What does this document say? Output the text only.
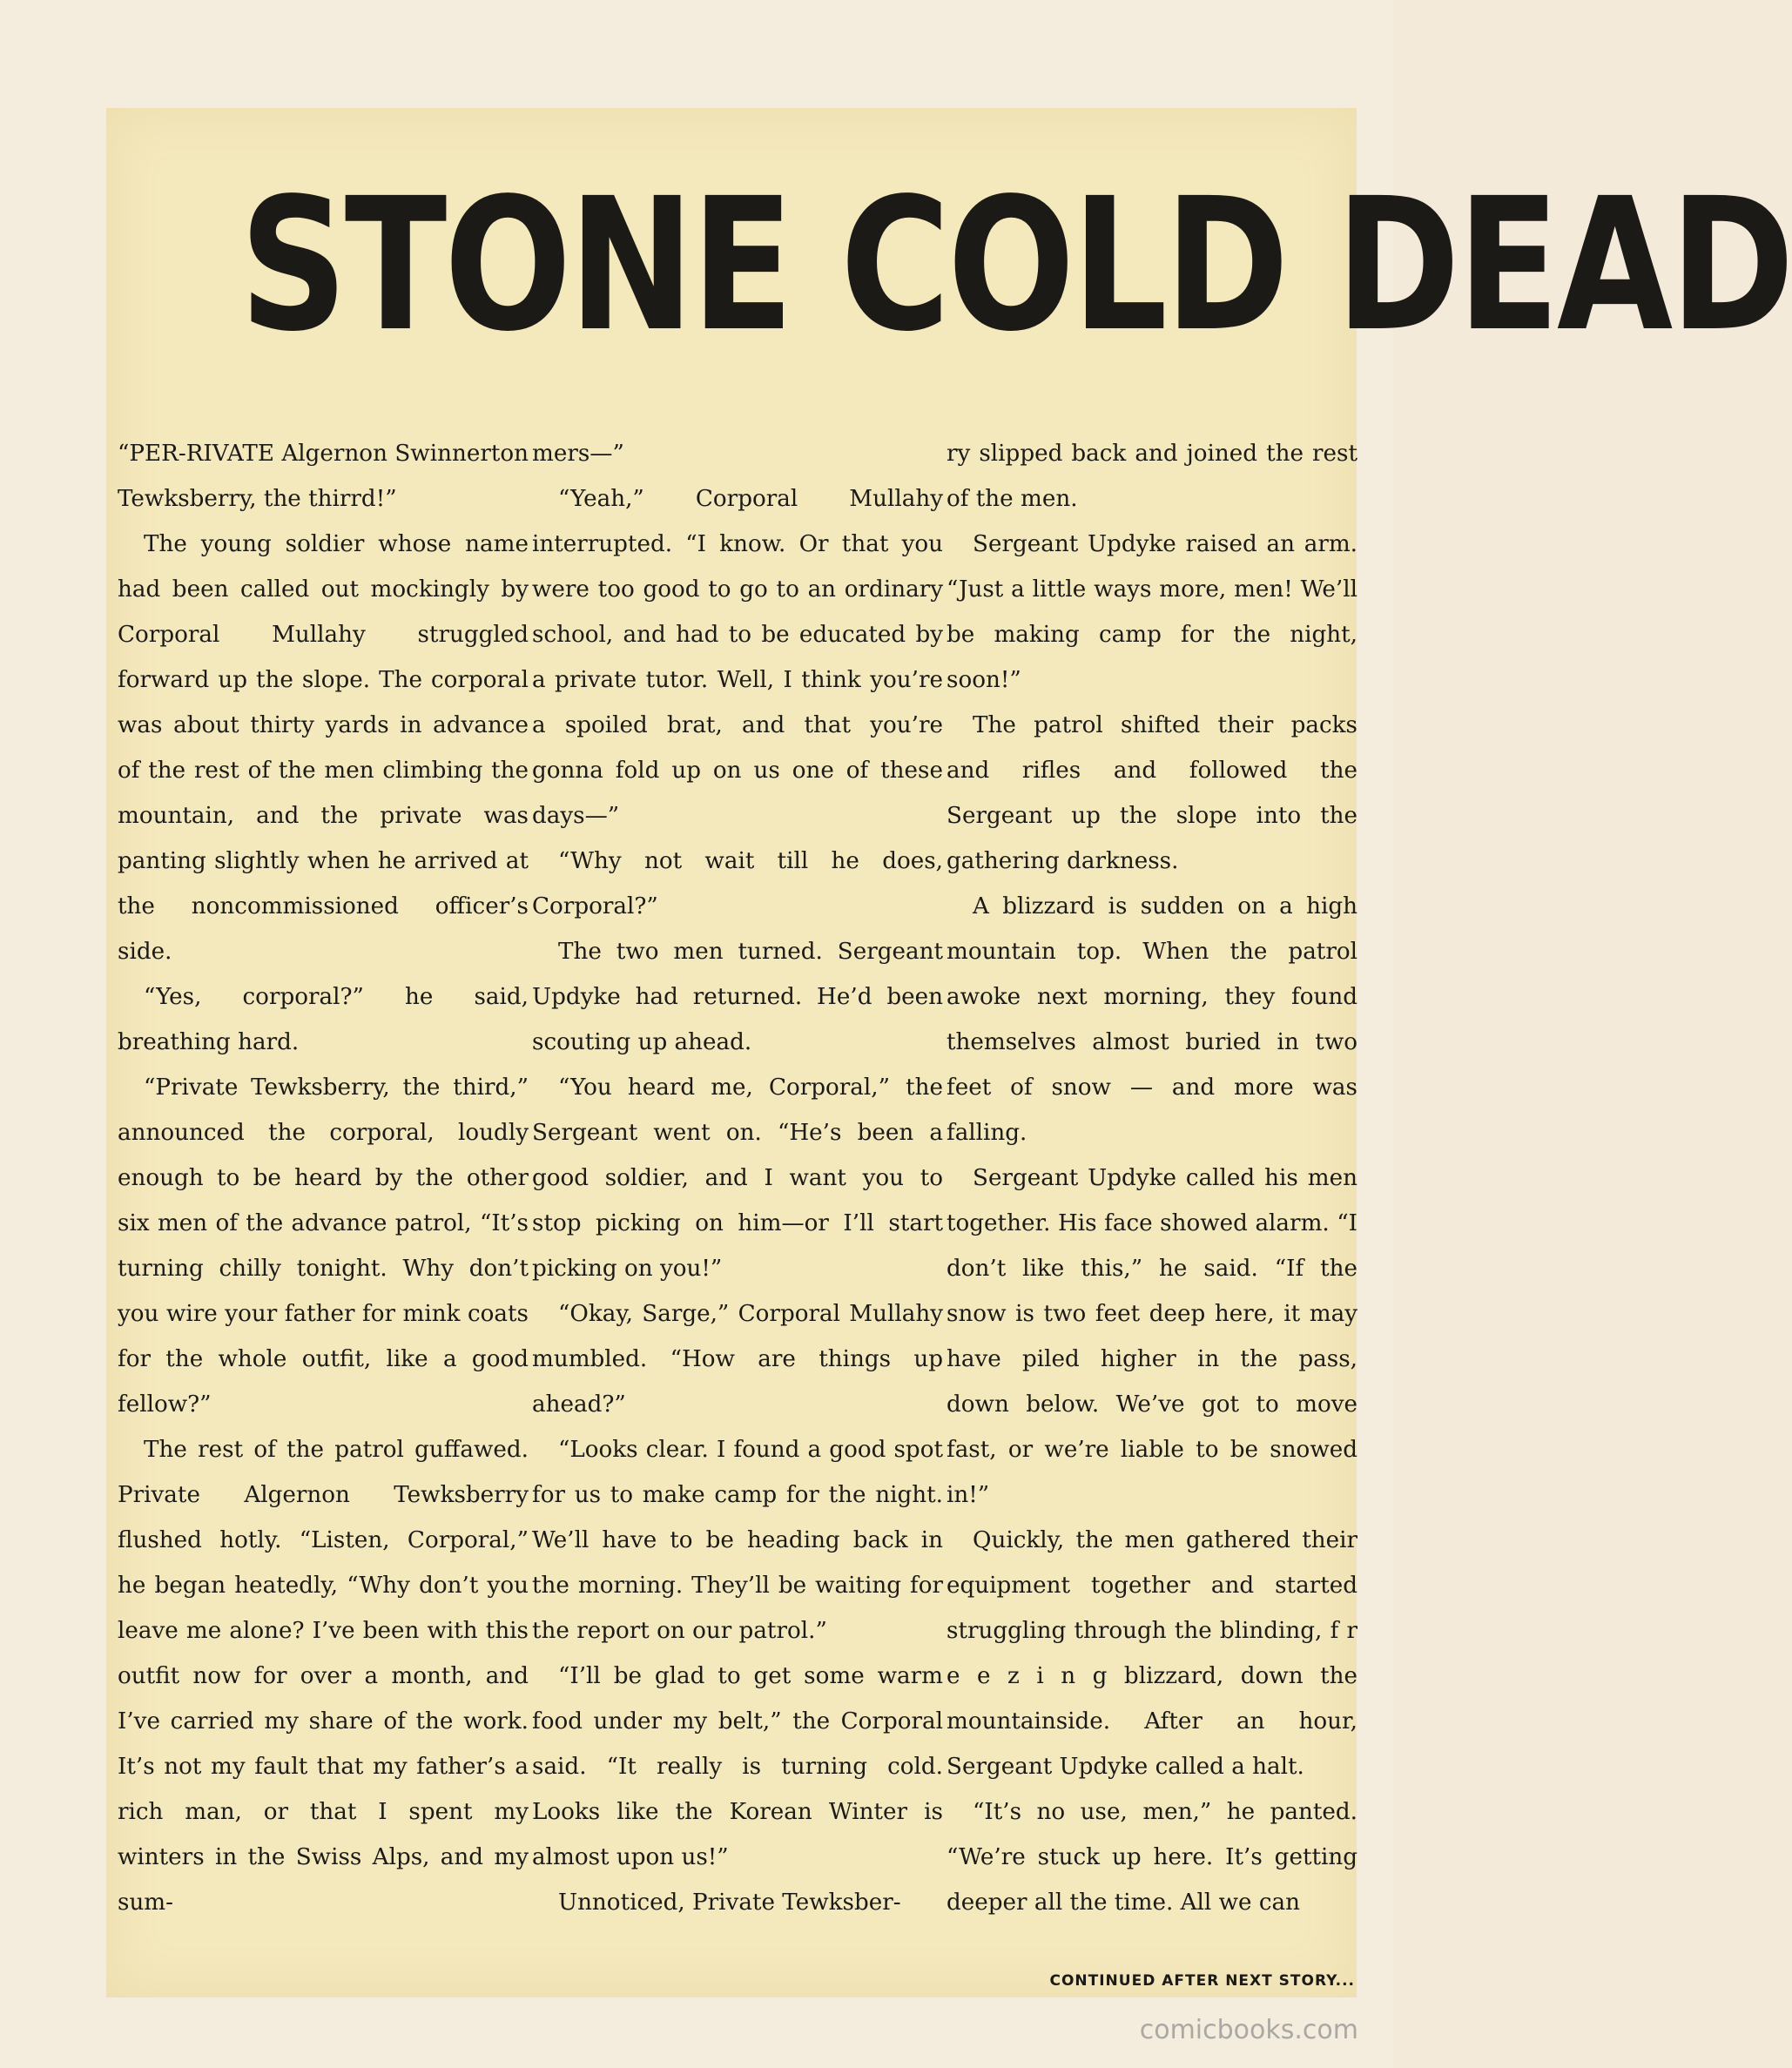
STONE COLD DEAD

“PER-RIVATE Algernon Swinnerton Tewksberry, the thirrd!”

The young soldier whose name had been called out mockingly by Corporal Mullahy struggled forward up the slope. The corporal was about thirty yards in advance of the rest of the men climbing the mountain, and the private was panting slightly when he arrived at the noncommissioned officer’s side.

“Yes, corporal?” he said, breathing hard.

“Private Tewksberry, the third,” announced the corporal, loudly enough to be heard by the other six men of the advance patrol, “It’s turning chilly tonight. Why don’t you wire your father for mink coats for the whole outfit, like a good fellow?”

The rest of the patrol guffawed. Private Algernon Tewksberry flushed hotly. “Listen, Corporal,” he began heatedly, “Why don’t you leave me alone? I’ve been with this outfit now for over a month, and I’ve carried my share of the work. It’s not my fault that my father’s a rich man, or that I spent my winters in the Swiss Alps, and my sum-

mers—”

“Yeah,” Corporal Mullahy interrupted. “I know. Or that you were too good to go to an ordinary school, and had to be educated by a private tutor. Well, I think you’re a spoiled brat, and that you’re gonna fold up on us one of these days—”

“Why not wait till he does, Corporal?”

The two men turned. Sergeant Updyke had returned. He’d been scouting up ahead.

“You heard me, Corporal,” the Sergeant went on. “He’s been a good soldier, and I want you to stop picking on him—or I’ll start picking on you!”

“Okay, Sarge,” Corporal Mullahy mumbled. “How are things up ahead?”

“Looks clear. I found a good spot for us to make camp for the night. We’ll have to be heading back in the morning. They’ll be waiting for the report on our patrol.”

“I’ll be glad to get some warm food under my belt,” the Corporal said. “It really is turning cold. Looks like the Korean Winter is almost upon us!”

Unnoticed, Private Tewksber-

ry slipped back and joined the rest of the men.

Sergeant Updyke raised an arm. “Just a little ways more, men! We’ll be making camp for the night, soon!”

The patrol shifted their packs and rifles and followed the Sergeant up the slope into the gathering darkness.

A blizzard is sudden on a high mountain top. When the patrol awoke next morning, they found themselves almost buried in two feet of snow — and more was falling.

Sergeant Updyke called his men together. His face showed alarm. “I don’t like this,” he said. “If the snow is two feet deep here, it may have piled higher in the pass, down below. We’ve got to move fast, or we’re liable to be snowed in!”

Quickly, the men gathered their equipment together and started struggling through the blinding, f r e e z i n g blizzard, down the mountainside. After an hour, Sergeant Updyke called a halt.

“It’s no use, men,” he panted. “We’re stuck up here. It’s getting deeper all the time. All we can

CONTINUED AFTER NEXT STORY...
comicbooks.com
